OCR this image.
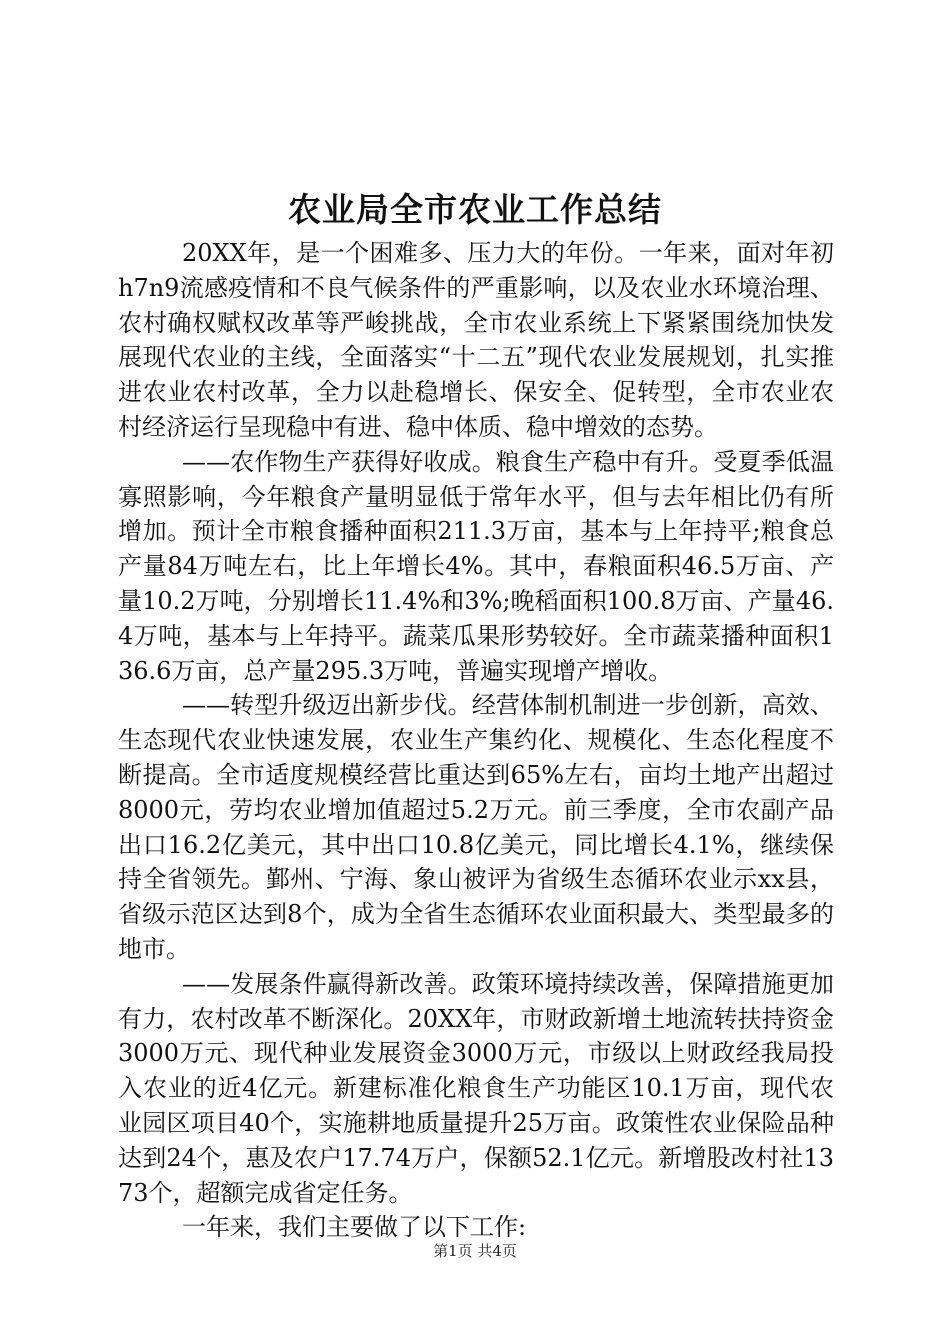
农业局全市农业工作总结

20XX年，是一个困难多、压力大的年份。一年来，面对年初h7n9流感疫情和不良气候条件的严重影响，以及农业水环境治理、农村确权赋权改革等严峻挑战，全市农业系统上下紧紧围绕加快发展现代农业的主线，全面落实“十二五”现代农业发展规划，扎实推进农业农村改革，全力以赴稳增长、保安全、促转型，全市农业农村经济运行呈现稳中有进、稳中体质、稳中增效的态势。

——农作物生产获得好收成。粮食生产稳中有升。受夏季低温寡照影响，今年粮食产量明显低于常年水平，但与去年相比仍有所增加。预计全市粮食播种面积211.3万亩，基本与上年持平;粮食总产量84万吨左右，比上年增长4%。其中，春粮面积46.5万亩、产量10.2万吨，分别增长11.4%和3%;晚稻面积100.8万亩、产量46.4万吨，基本与上年持平。蔬菜瓜果形势较好。全市蔬菜播种面积136.6万亩，总产量295.3万吨，普遍实现增产增收。

——转型升级迈出新步伐。经营体制机制进一步创新，高效、生态现代农业快速发展，农业生产集约化、规模化、生态化程度不断提高。全市适度规模经营比重达到65%左右，亩均土地产出超过8000元，劳均农业增加值超过5.2万元。前三季度，全市农副产品出口16.2亿美元，其中出口10.8亿美元，同比增长4.1%，继续保持全省领先。鄞州、宁海、象山被评为省级生态循环农业示xx县，省级示范区达到8个，成为全省生态循环农业面积最大、类型最多的地市。

——发展条件赢得新改善。政策环境持续改善，保障措施更加有力，农村改革不断深化。20XX年，市财政新增土地流转扶持资金3000万元、现代种业发展资金3000万元，市级以上财政经我局投入农业的近4亿元。新建标准化粮食生产功能区10.1万亩，现代农业园区项目40个，实施耕地质量提升25万亩。政策性农业保险品种达到24个，惠及农户17.74万户，保额52.1亿元。新增股改村社1373个，超额完成省定任务。

一年来，我们主要做了以下工作:

第1页 共4页
